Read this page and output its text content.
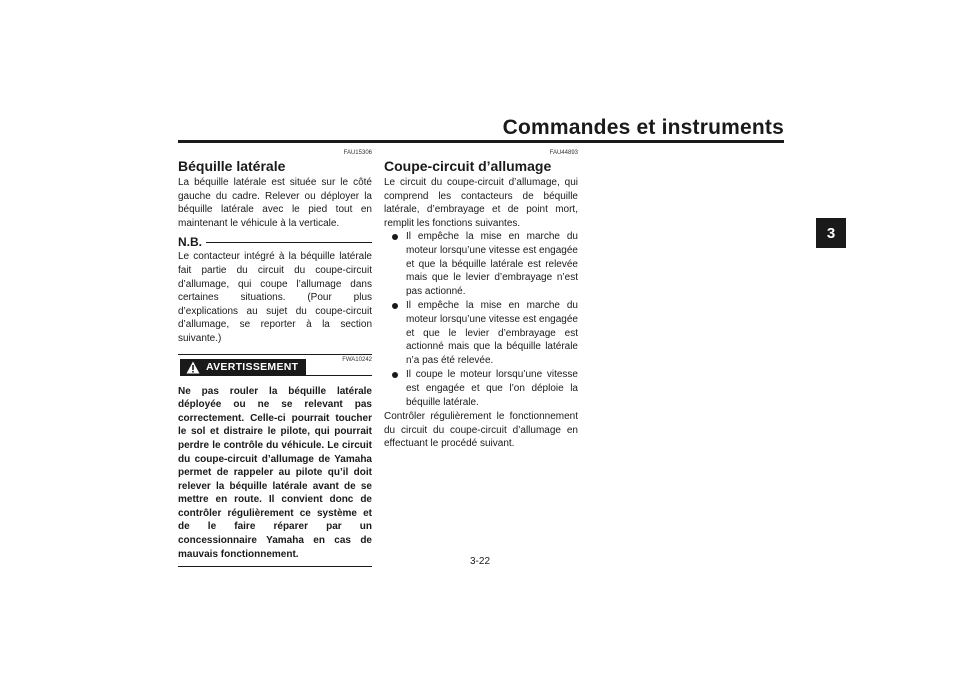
Commandes et instruments
3

FAU15306

Béquille latérale

La béquille latérale est située sur le côté gauche du cadre. Relever ou déployer la béquille latérale avec le pied tout en maintenant le véhicule à la verticale.

N.B.

Le contacteur intégré à la béquille latérale fait partie du circuit du coupe-circuit d’allumage, qui coupe l’allumage dans certaines situations. (Pour plus d’explications au sujet du coupe-circuit d’allumage, se reporter à la section suivante.)

AVERTISSEMENT
FWA10242

Ne pas rouler la béquille latérale déployée ou ne se relevant pas correctement. Celle-ci pourrait toucher le sol et distraire le pilote, qui pourrait perdre le contrôle du véhicule. Le circuit du coupe-circuit d’allumage de Yamaha permet de rappeler au pilote qu’il doit relever la béquille latérale avant de se mettre en route. Il convient donc de contrôler régulièrement ce système et de le faire réparer par un concessionnaire Yamaha en cas de mauvais fonctionnement.

FAU44893

Coupe-circuit d’allumage

Le circuit du coupe-circuit d’allumage, qui comprend les contacteurs de béquille latérale, d’embrayage et de point mort, remplit les fonctions suivantes.

Il empêche la mise en marche du moteur lorsqu’une vitesse est engagée et que la béquille latérale est relevée mais que le levier d’embrayage n’est pas actionné.
Il empêche la mise en marche du moteur lorsqu’une vitesse est engagée et que le levier d’embrayage est actionné mais que la béquille latérale n’a pas été relevée.
Il coupe le moteur lorsqu’une vitesse est engagée et que l’on déploie la béquille latérale.

Contrôler régulièrement le fonctionnement du circuit du coupe-circuit d’allumage en effectuant le procédé suivant.

3-22
